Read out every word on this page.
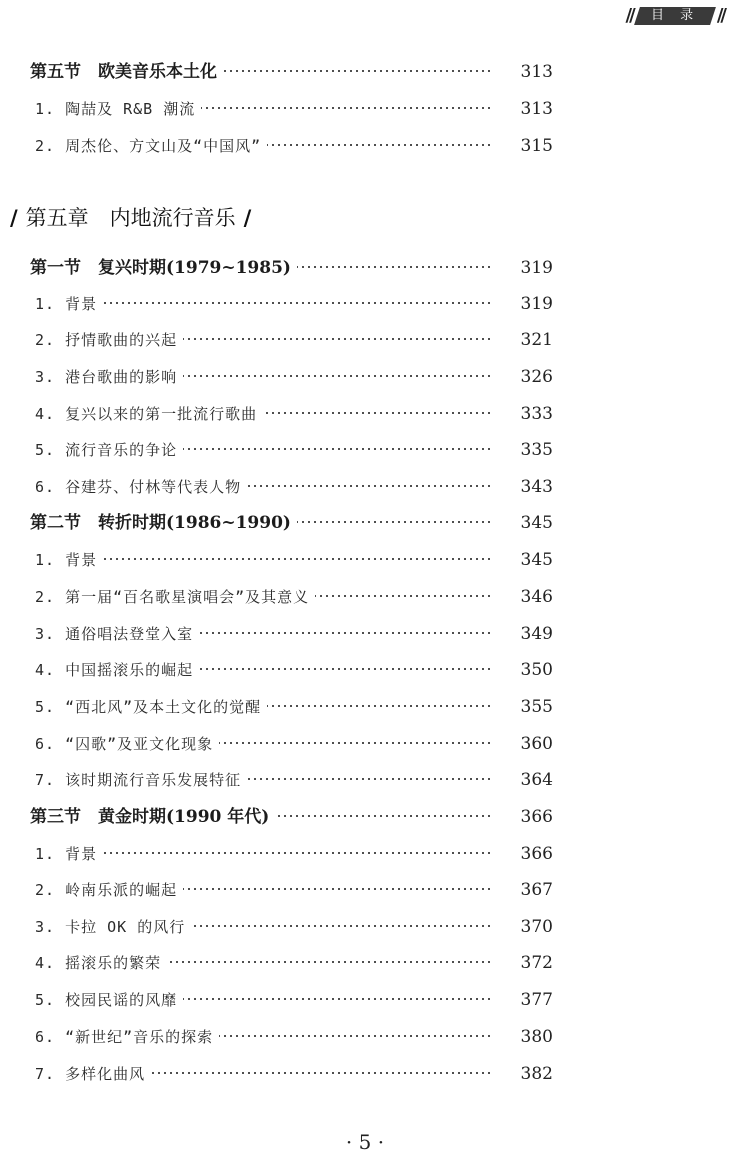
//	目 录	//
/ 第五章　内地流行音乐 /
第五节　欧美音乐本土化	313
1. 陶喆及 R&B 潮流	313
2. 周杰伦、方文山及“中国风”	315
第一节　复兴时期(1979~1985)	319
1. 背景	319
2. 抒情歌曲的兴起	321
3. 港台歌曲的影响	326
4. 复兴以来的第一批流行歌曲	333
5. 流行音乐的争论	335
6. 谷建芬、付林等代表人物	343
第二节　转折时期(1986~1990)	345
1. 背景	345
2. 第一届“百名歌星演唱会”及其意义	346
3. 通俗唱法登堂入室	349
4. 中国摇滚乐的崛起	350
5. “西北风”及本土文化的觉醒	355
6. “囚歌”及亚文化现象	360
7. 该时期流行音乐发展特征	364
第三节　黄金时期(1990 年代)	366
1. 背景	366
2. 岭南乐派的崛起	367
3. 卡拉 OK 的风行	370
4. 摇滚乐的繁荣	372
5. 校园民谣的风靡	377
6. “新世纪”音乐的探索	380
7. 多样化曲风	382
· 5 ·
